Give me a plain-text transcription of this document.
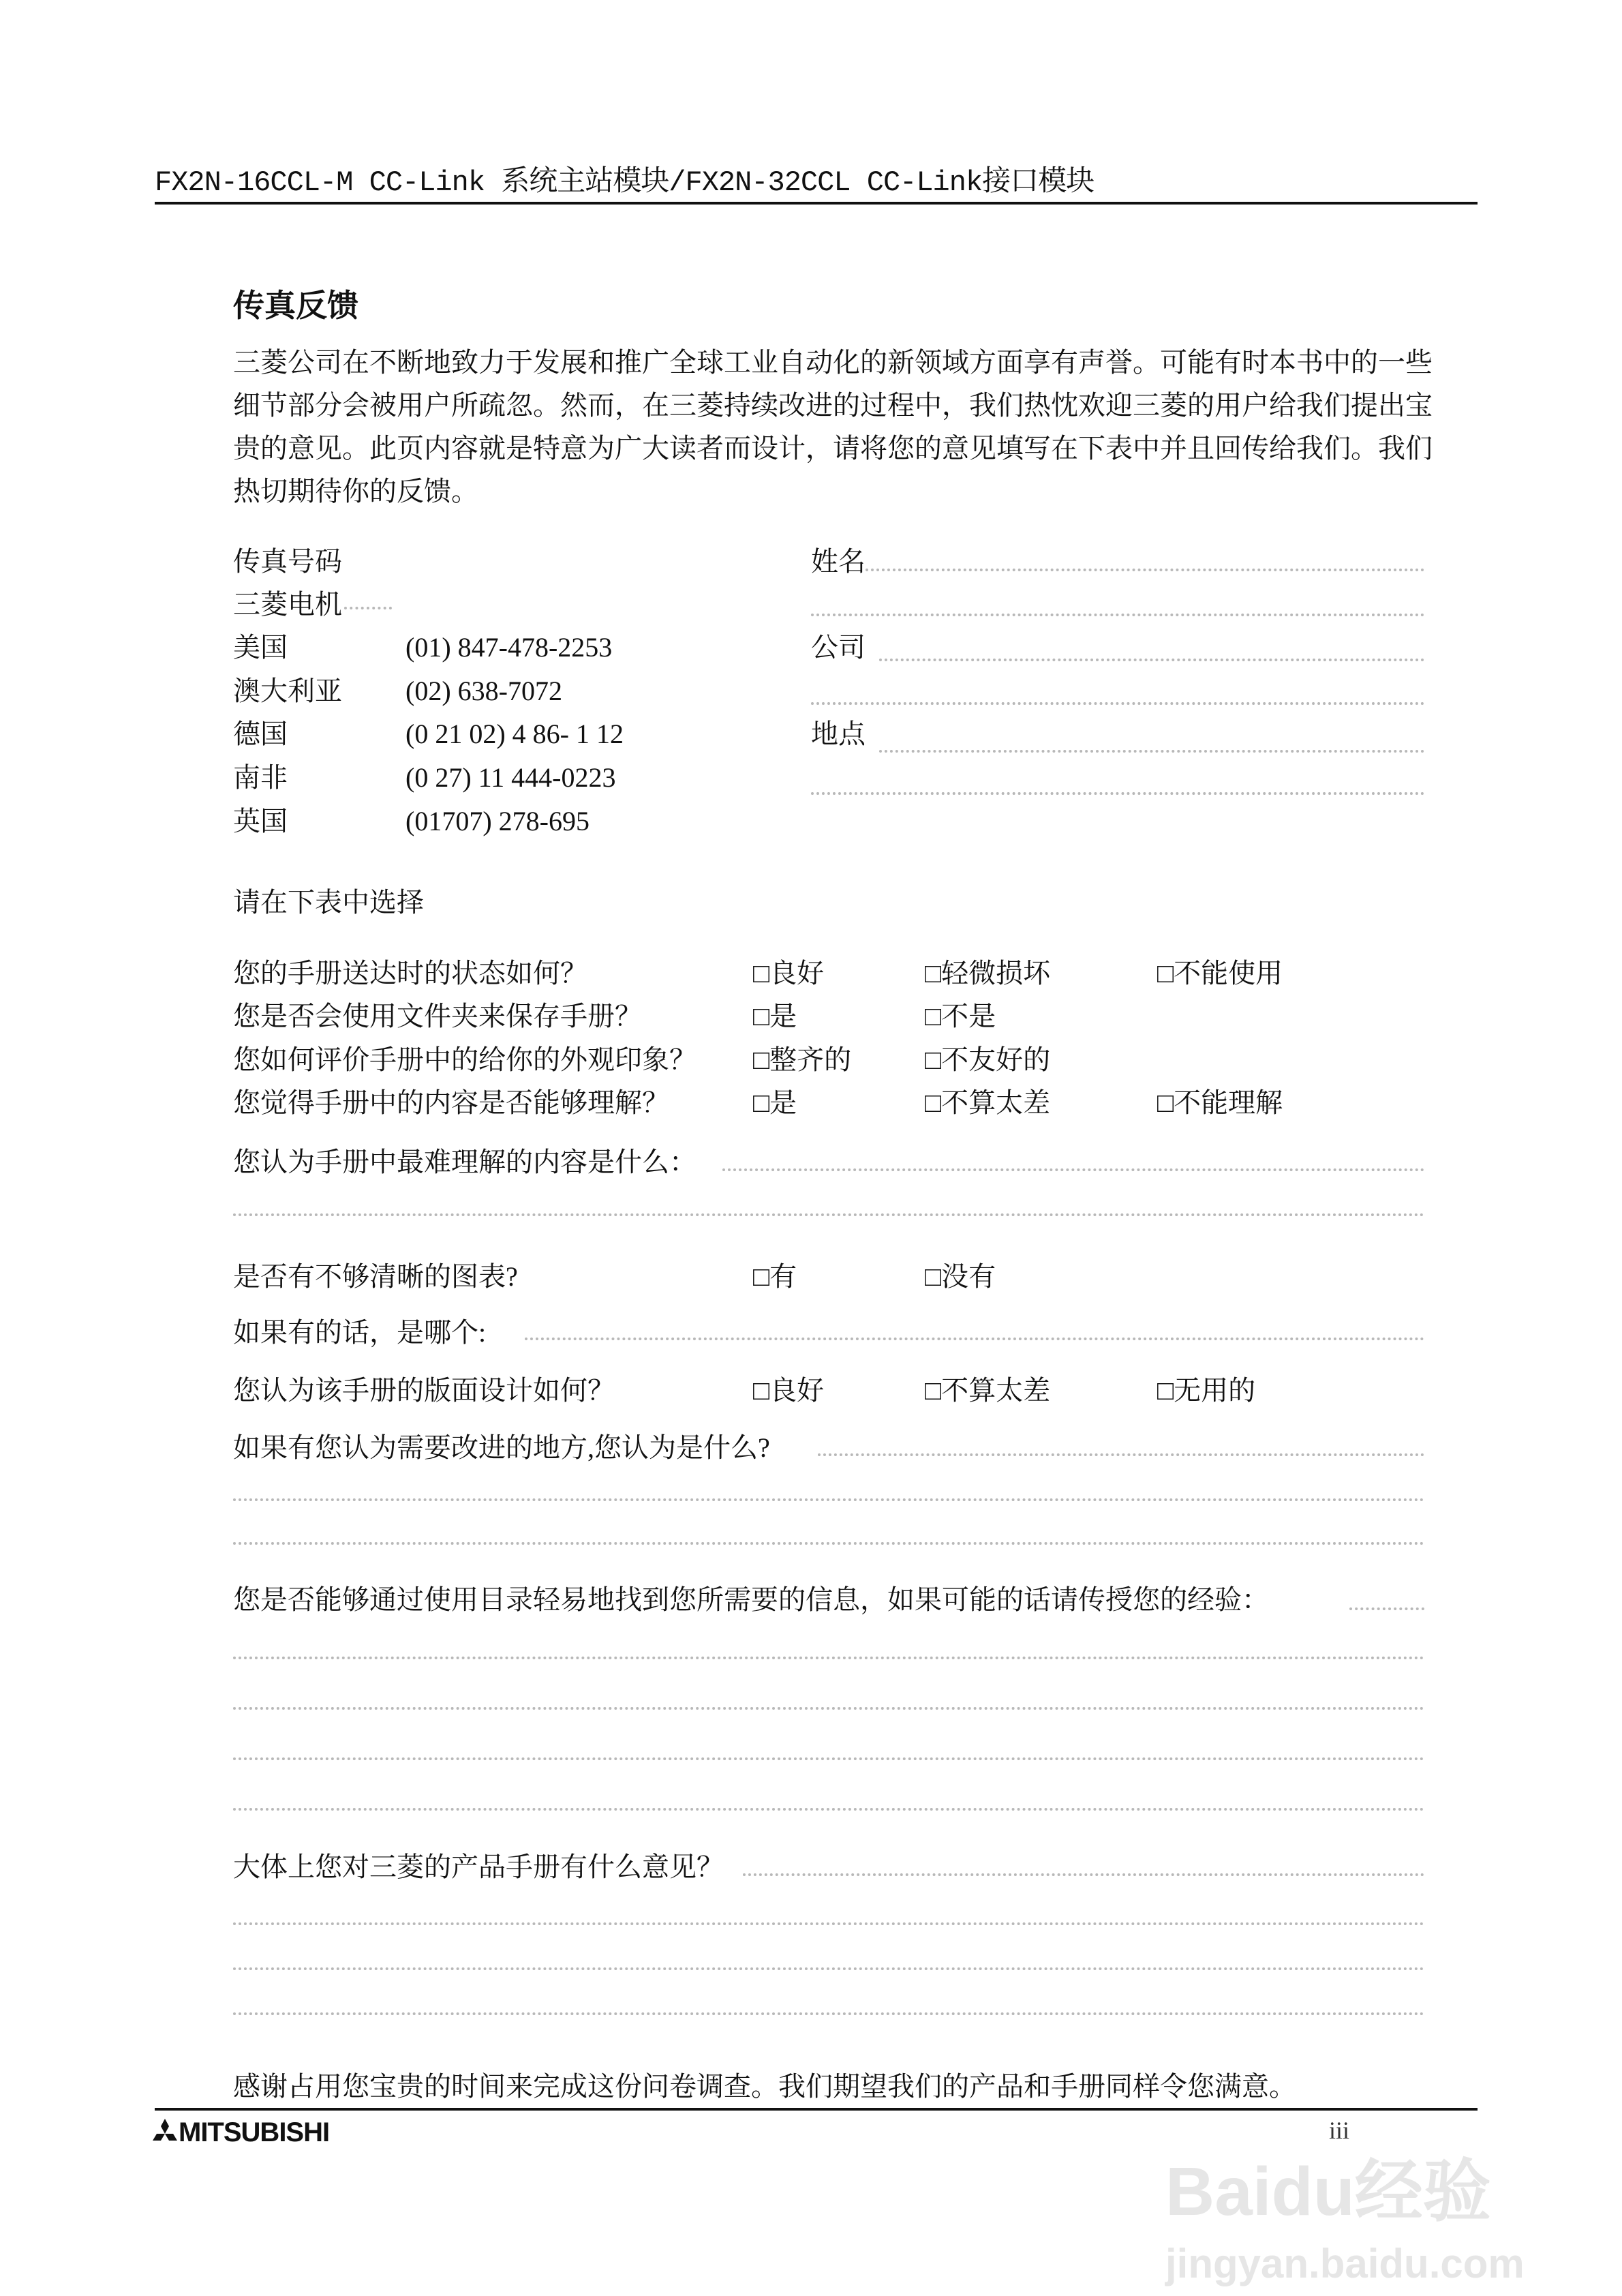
FX2N-16CCL-M CC-Link 系统主站模块/FX2N-32CCL CC-Link接口模块
传真反馈
三菱公司在不断地致力于发展和推广全球工业自动化的新领域方面享有声誉。可能有时本书中的一些细节部分会被用户所疏忽。然而，在三菱持续改进的过程中，我们热忱欢迎三菱的用户给我们提出宝贵的意见。此页内容就是特意为广大读者而设计，请将您的意见填写在下表中并且回传给我们。我们热切期待你的反馈。
传真号码
三菱电机
美国	(01) 847-478-2253
澳大利亚 (02) 638-7072
德国	(0 21 02) 4 86- 1 12
南非	(0 27) 11 444-0223
英国	(01707) 278-695
姓名
公司
地点
请在下表中选择
您的手册送达时的状态如何？	□ 良好	□ 轻微损坏	□ 不能使用
您是否会使用文件夹来保存手册？	□ 是	□ 不是
您如何评价手册中的给你的外观印象？	□ 整齐的	□ 不友好的
您觉得手册中的内容是否能够理解？	□ 是	□ 不算太差	□ 不能理解
您认为手册中最难理解的内容是什么：
是否有不够清晰的图表?	□ 有	□ 没有
如果有的话，是哪个:
您认为该手册的版面设计如何？	□ 良好	□ 不算太差	□ 无用的
如果有您认为需要改进的地方,您认为是什么?
您是否能够通过使用目录轻易地找到您所需要的信息，如果可能的话请传授您的经验：
大体上您对三菱的产品手册有什么意见？
感谢占用您宝贵的时间来完成这份问卷调查。我们期望我们的产品和手册同样令您满意。
MITSUBISHI	iii
Baidu经验
jingyan.baidu.com
